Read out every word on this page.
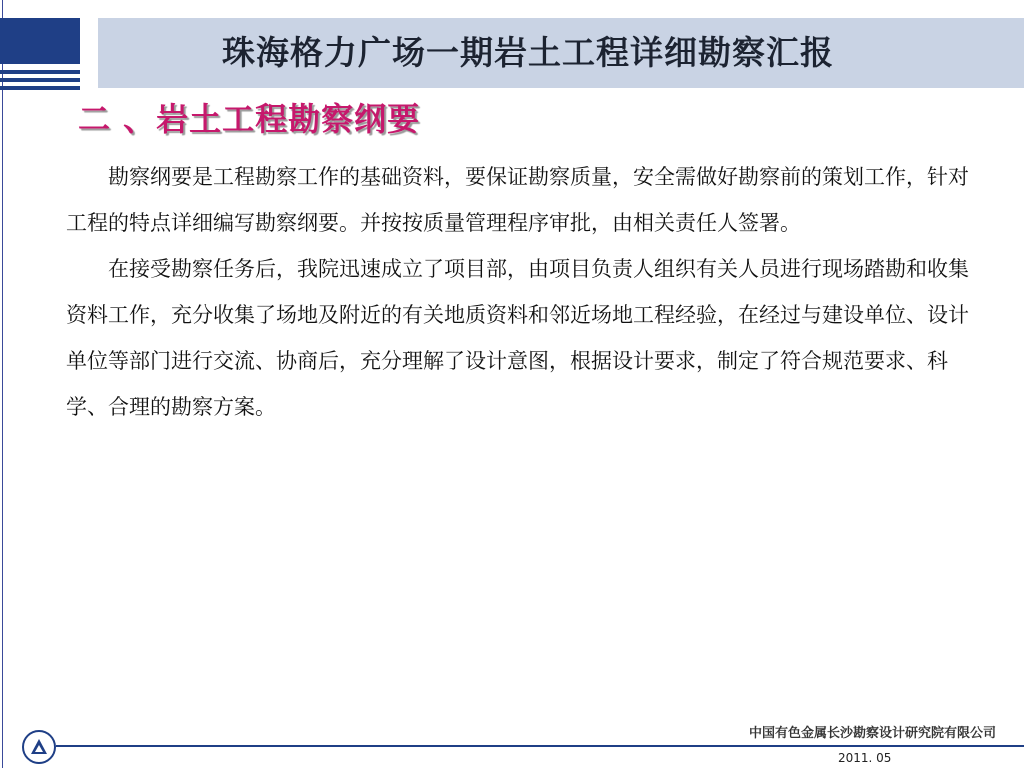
珠海格力广场一期岩土工程详细勘察汇报
二 、岩土工程勘察纲要

勘察纲要是工程勘察工作的基础资料，要保证勘察质量，安全需做好勘察前的策划工作，针对工程的特点详细编写勘察纲要。并按按质量管理程序审批，由相关责任人签署。

在接受勘察任务后，我院迅速成立了项目部，由项目负责人组织有关人员进行现场踏勘和收集资料工作，充分收集了场地及附近的有关地质资料和邻近场地工程经验，在经过与建设单位、设计单位等部门进行交流、协商后，充分理解了设计意图，根据设计要求，制定了符合规范要求、科学、合理的勘察方案。

中国有色金属长沙勘察设计研究院有限公司
2011. 05
